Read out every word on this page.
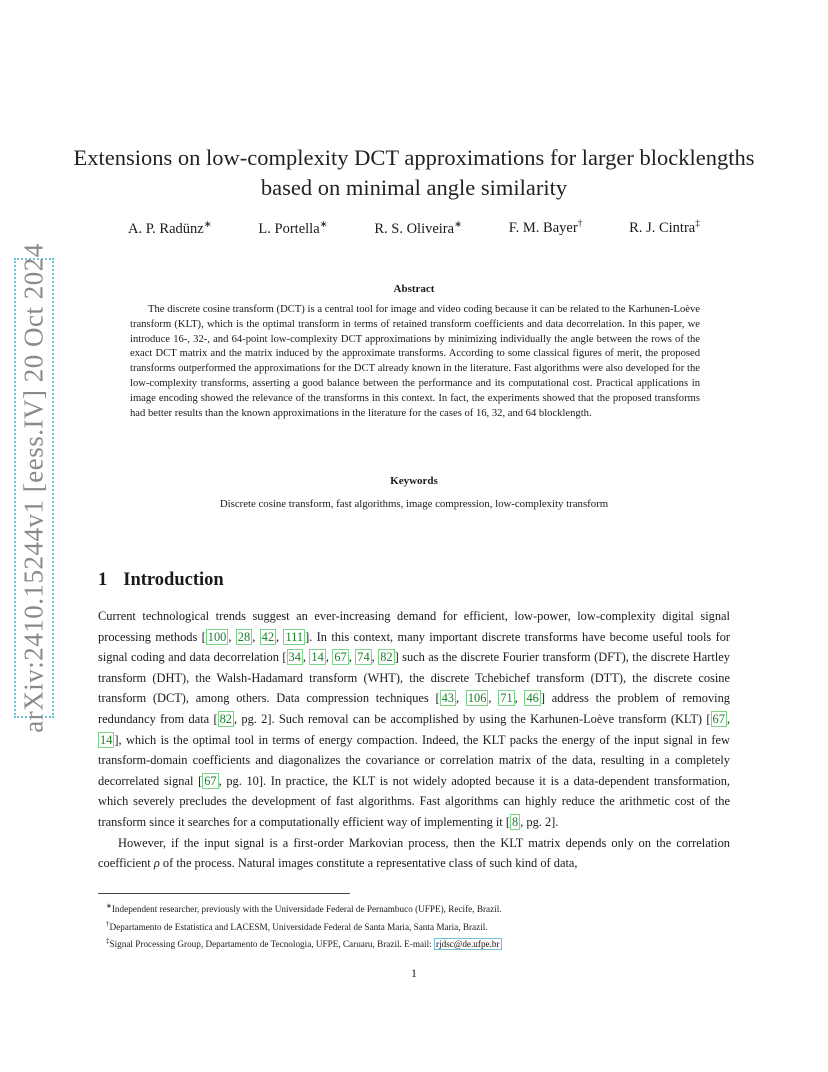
arXiv:2410.15244v1 [eess.IV] 20 Oct 2024
Extensions on low-complexity DCT approximations for larger blocklengths based on minimal angle similarity
A. P. Radünz∗	L. Portella∗	R. S. Oliveira∗	F. M. Bayer†	R. J. Cintra‡
Abstract

The discrete cosine transform (DCT) is a central tool for image and video coding because it can be related to the Karhunen-Loève transform (KLT), which is the optimal transform in terms of retained transform coefficients and data decorrelation. In this paper, we introduce 16-, 32-, and 64-point low-complexity DCT approximations by minimizing individually the angle between the rows of the exact DCT matrix and the matrix induced by the approximate transforms. According to some classical figures of merit, the proposed transforms outperformed the approximations for the DCT already known in the literature. Fast algorithms were also developed for the low-complexity transforms, asserting a good balance between the performance and its computational cost. Practical applications in image encoding showed the relevance of the transforms in this context. In fact, the experiments showed that the proposed transforms had better results than the known approximations in the literature for the cases of 16, 32, and 64 blocklength.

Keywords
Discrete cosine transform, fast algorithms, image compression, low-complexity transform
1 Introduction

Current technological trends suggest an ever-increasing demand for efficient, low-power, low-complexity digital signal processing methods [ 100 , 28 , 42 , 111 ]. In this context, many important discrete transforms have become useful tools for signal coding and data decorrelation [ 34 , 14 , 67 , 74 , 82 ] such as the discrete Fourier transform (DFT), the discrete Hartley transform (DHT), the Walsh-Hadamard transform (WHT), the discrete Tchebichef transform (DTT), the discrete cosine transform (DCT), among others. Data compression techniques [ 43 , 106 , 71 , 46 ] address the problem of removing redundancy from data [ 82 , pg. 2]. Such removal can be accomplished by using the Karhunen-Loève transform (KLT) [ 67 , 14 ], which is the optimal tool in terms of energy compaction. Indeed, the KLT packs the energy of the input signal in few transform-domain coefficients and diagonalizes the covariance or correlation matrix of the data, resulting in a completely decorrelated signal [ 67 , pg. 10]. In practice, the KLT is not widely adopted because it is a data-dependent transformation, which severely precludes the development of fast algorithms. Fast algorithms can highly reduce the arithmetic cost of the transform since it searches for a computationally efficient way of implementing it [ 8 , pg. 2].

However, if the input signal is a first-order Markovian process, then the KLT matrix depends only on the correlation coefficient ρ of the process. Natural images constitute a representative class of such kind of data,

∗Independent researcher, previously with the Universidade Federal de Pernambuco (UFPE), Recife, Brazil.
†Departamento de Estatística and LACESM, Universidade Federal de Santa Maria, Santa Maria, Brazil.
‡Signal Processing Group, Departamento de Tecnologia, UFPE, Caruaru, Brazil. E-mail: rjdsc@de.ufpe.br
1
